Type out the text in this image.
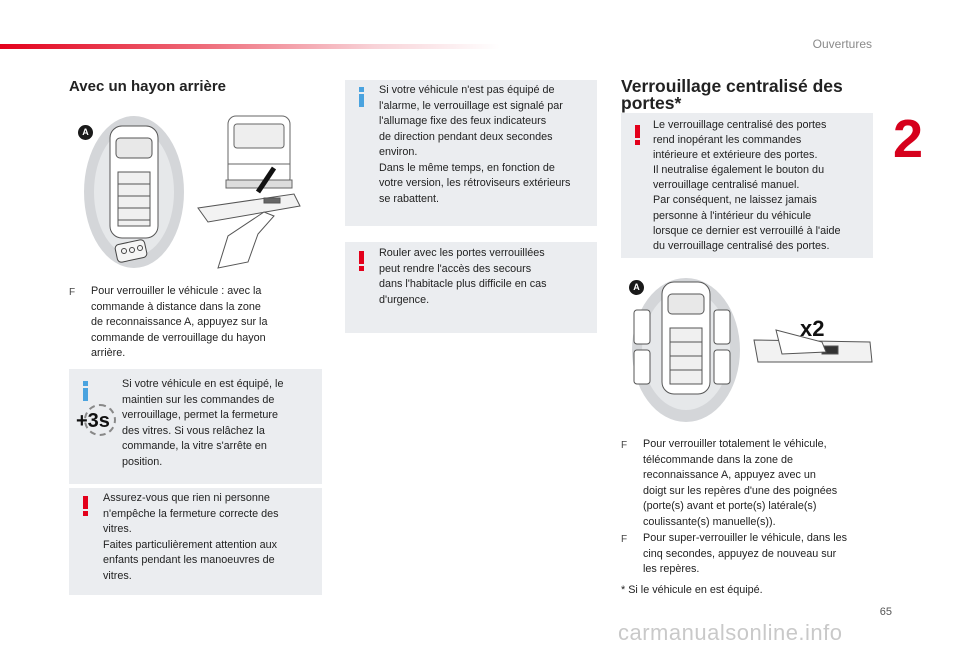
Ouvertures
2
Avec un hayon arrière
A
F Pour verrouiller le véhicule : avec la
commande à distance dans la zone
de reconnaissance A, appuyez sur la
commande de verrouillage du hayon
arrière.
Si votre véhicule en est équipé, le
maintien sur les commandes de
verrouillage, permet la fermeture
des vitres. Si vous relâchez la
commande, la vitre s'arrête en
position.
+3s
Assurez-vous que rien ni personne
n'empêche la fermeture correcte des
vitres.
Faites particulièrement attention aux
enfants pendant les manoeuvres de
vitres.
Si votre véhicule n'est pas équipé de
l'alarme, le verrouillage est signalé par
l'allumage fixe des feux indicateurs
de direction pendant deux secondes
environ.
Dans le même temps, en fonction de
votre version, les rétroviseurs extérieurs
se rabattent.
Rouler avec les portes verrouillées
peut rendre l'accès des secours
dans l'habitacle plus difficile en cas
d'urgence.
Verrouillage centralisé des
portes*
Le verrouillage centralisé des portes
rend inopérant les commandes
intérieure et extérieure des portes.
Il neutralise également le bouton du
verrouillage centralisé manuel.
Par conséquent, ne laissez jamais
personne à l'intérieur du véhicule
lorsque ce dernier est verrouillé à l'aide
du verrouillage centralisé des portes.
A
x2
F Pour verrouiller totalement le véhicule,
télécommande dans la zone de
reconnaissance A, appuyez avec un
doigt sur les repères d'une des poignées
(porte(s) avant et porte(s) latérale(s)
coulissante(s) manuelle(s)).
F Pour super-verrouiller le véhicule, dans les
cinq secondes, appuyez de nouveau sur
les repères.
* Si le véhicule en est équipé.
65
carmanualsonline.info
